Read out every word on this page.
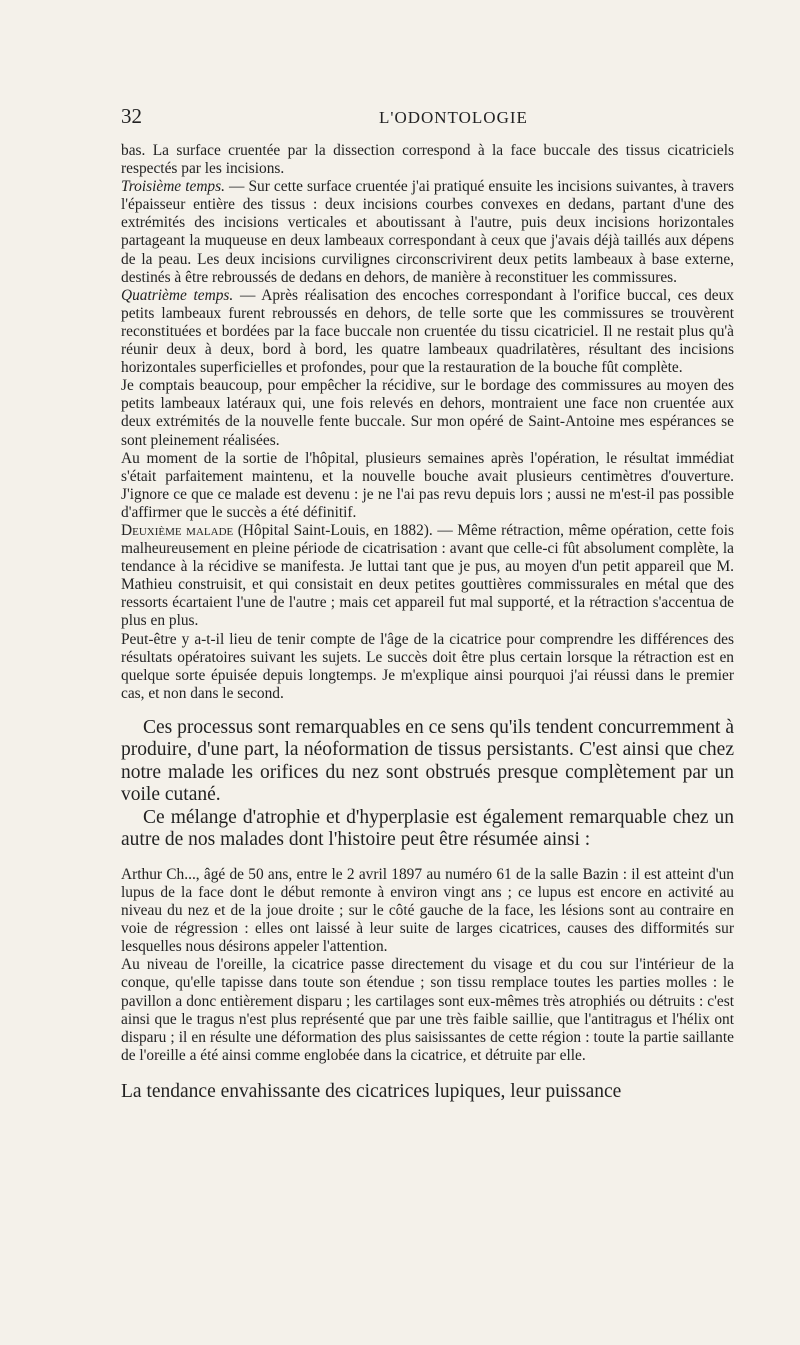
32	L'ODONTOLOGIE

bas. La surface cruentée par la dissection correspond à la face buccale des tissus cicatriciels respectés par les incisions.

Troisième temps. — Sur cette surface cruentée j'ai pratiqué ensuite les incisions suivantes, à travers l'épaisseur entière des tissus : deux incisions courbes convexes en dedans, partant d'une des extrémités des incisions verticales et aboutissant à l'autre, puis deux incisions horizontales partageant la muqueuse en deux lambeaux correspondant à ceux que j'avais déjà taillés aux dépens de la peau. Les deux incisions curvilignes circonscrivirent deux petits lambeaux à base externe, destinés à être rebroussés de dedans en dehors, de manière à reconstituer les commissures.

Quatrième temps. — Après réalisation des encoches correspondant à l'orifice buccal, ces deux petits lambeaux furent rebroussés en dehors, de telle sorte que les commissures se trouvèrent reconstituées et bordées par la face buccale non cruentée du tissu cicatriciel. Il ne restait plus qu'à réunir deux à deux, bord à bord, les quatre lambeaux quadrilatères, résultant des incisions horizontales superficielles et profondes, pour que la restauration de la bouche fût complète.

Je comptais beaucoup, pour empêcher la récidive, sur le bordage des commissures au moyen des petits lambeaux latéraux qui, une fois relevés en dehors, montraient une face non cruentée aux deux extrémités de la nouvelle fente buccale. Sur mon opéré de Saint-Antoine mes espérances se sont pleinement réalisées.

Au moment de la sortie de l'hôpital, plusieurs semaines après l'opération, le résultat immédiat s'était parfaitement maintenu, et la nouvelle bouche avait plusieurs centimètres d'ouverture. J'ignore ce que ce malade est devenu : je ne l'ai pas revu depuis lors ; aussi ne m'est-il pas possible d'affirmer que le succès a été définitif.

Deuxième malade (Hôpital Saint-Louis, en 1882). — Même rétraction, même opération, cette fois malheureusement en pleine période de cicatrisation : avant que celle-ci fût absolument complète, la tendance à la récidive se manifesta. Je luttai tant que je pus, au moyen d'un petit appareil que M. Mathieu construisit, et qui consistait en deux petites gouttières commissurales en métal que des ressorts écartaient l'une de l'autre ; mais cet appareil fut mal supporté, et la rétraction s'accentua de plus en plus.

Peut-être y a-t-il lieu de tenir compte de l'âge de la cicatrice pour comprendre les différences des résultats opératoires suivant les sujets. Le succès doit être plus certain lorsque la rétraction est en quelque sorte épuisée depuis longtemps. Je m'explique ainsi pourquoi j'ai réussi dans le premier cas, et non dans le second.

Ces processus sont remarquables en ce sens qu'ils tendent concurremment à produire, d'une part, la néoformation de tissus persistants. C'est ainsi que chez notre malade les orifices du nez sont obstrués presque complètement par un voile cutané.

Ce mélange d'atrophie et d'hyperplasie est également remarquable chez un autre de nos malades dont l'histoire peut être résumée ainsi :

Arthur Ch..., âgé de 50 ans, entre le 2 avril 1897 au numéro 61 de la salle Bazin : il est atteint d'un lupus de la face dont le début remonte à environ vingt ans ; ce lupus est encore en activité au niveau du nez et de la joue droite ; sur le côté gauche de la face, les lésions sont au contraire en voie de régression : elles ont laissé à leur suite de larges cicatrices, causes des difformités sur lesquelles nous désirons appeler l'attention.

Au niveau de l'oreille, la cicatrice passe directement du visage et du cou sur l'intérieur de la conque, qu'elle tapisse dans toute son étendue ; son tissu remplace toutes les parties molles : le pavillon a donc entièrement disparu ; les cartilages sont eux-mêmes très atrophiés ou détruits : c'est ainsi que le tragus n'est plus représenté que par une très faible saillie, que l'antitragus et l'hélix ont disparu ; il en résulte une déformation des plus saisissantes de cette région : toute la partie saillante de l'oreille a été ainsi comme englobée dans la cicatrice, et détruite par elle.

La tendance envahissante des cicatrices lupiques, leur puissance
